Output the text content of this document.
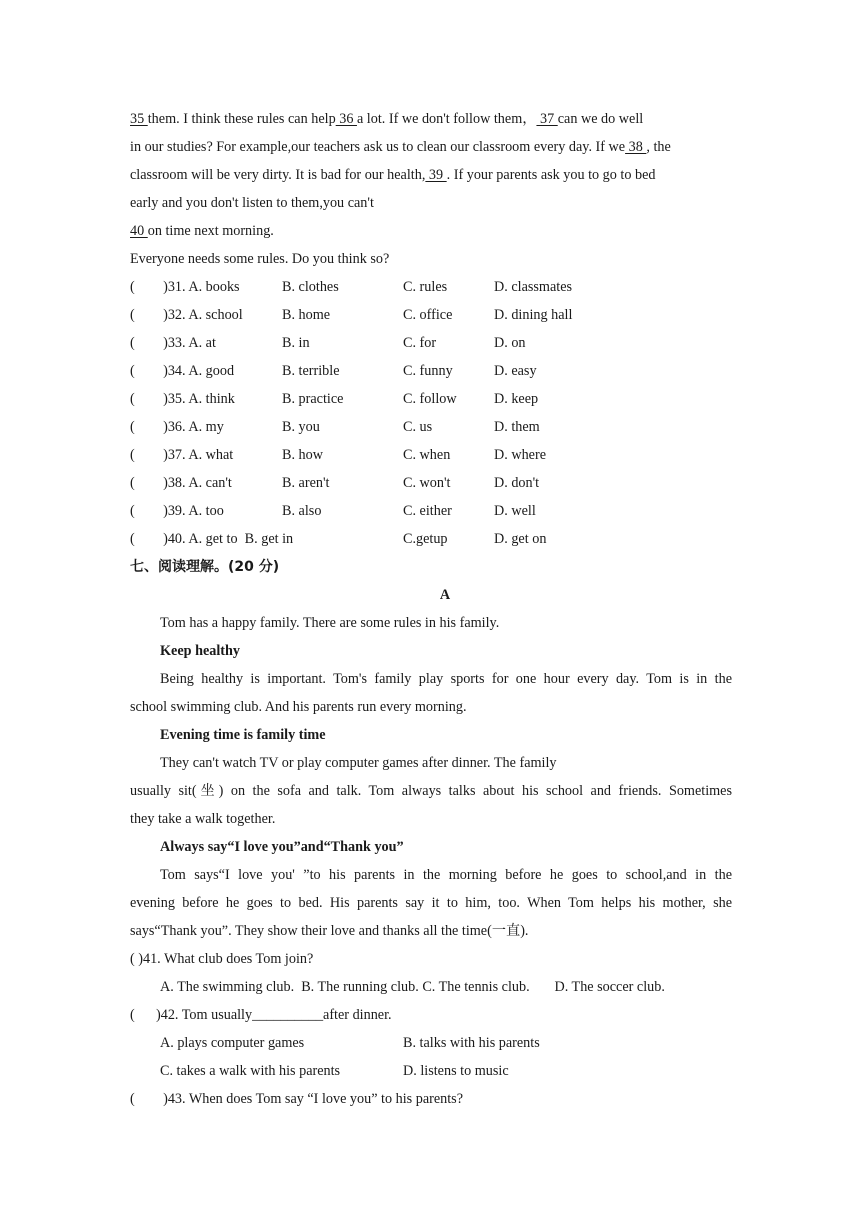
35 them. I think these rules can help 36 a lot. If we don't follow them， 37 can we do well
in our studies? For example,our teachers ask us to clean our classroom every day. If we 38 , the
classroom will be very dirty. It is bad for our health, 39 . If your parents ask you to go to bed
early and you don't listen to them,you can't
40 on time next morning.
Everyone needs some rules. Do you think so?
(        )31. A. books	B. clothes	C. rules	D. classmates
(        )32. A. school	B. home	C. office	D. dining hall
(        )33. A. at	B. in	C. for	D. on
(        )34. A. good	B. terrible	C. funny	D. easy
(        )35. A. think	B. practice	C. follow	D. keep
(        )36. A. my	B. you	C. us	D. them
(        )37. A. what	B. how	C. when	D. where
(        )38. A. can't	B. aren't	C. won't	D. don't
(        )39. A. too	B. also	C. either	D. well
(        )40. A. get to  B. get in	C.getup	D. get on
七、阅读理解。(20 分)
A
Tom has a happy family. There are some rules in his family.
Keep healthy
Being healthy is important. Tom's family play sports for one hour every day. Tom is in the
school swimming club. And his parents run every morning.
Evening time is family time
They can't watch TV or play computer games after dinner. The family
usually sit(坐) on the sofa and talk. Tom always talks about his school and friends. Sometimes
they take a walk together.
Always say“I love you”and“Thank you”
Tom says“I love you' ”to his parents in the morning before he goes to school,and in the
evening before he goes to bed. His parents say it to him, too. When Tom helps his mother, she
says“Thank you”. They show their love and thanks all the time(一直).
( )41. What club does Tom join?
A. The swimming club.  B. The running club. C. The tennis club.       D. The soccer club.
(      )42. Tom usually__________after dinner.
A. plays computer games	B. talks with his parents
C. takes a walk with his parents	D. listens to music
(        )43. When does Tom say “I love you” to his parents?
